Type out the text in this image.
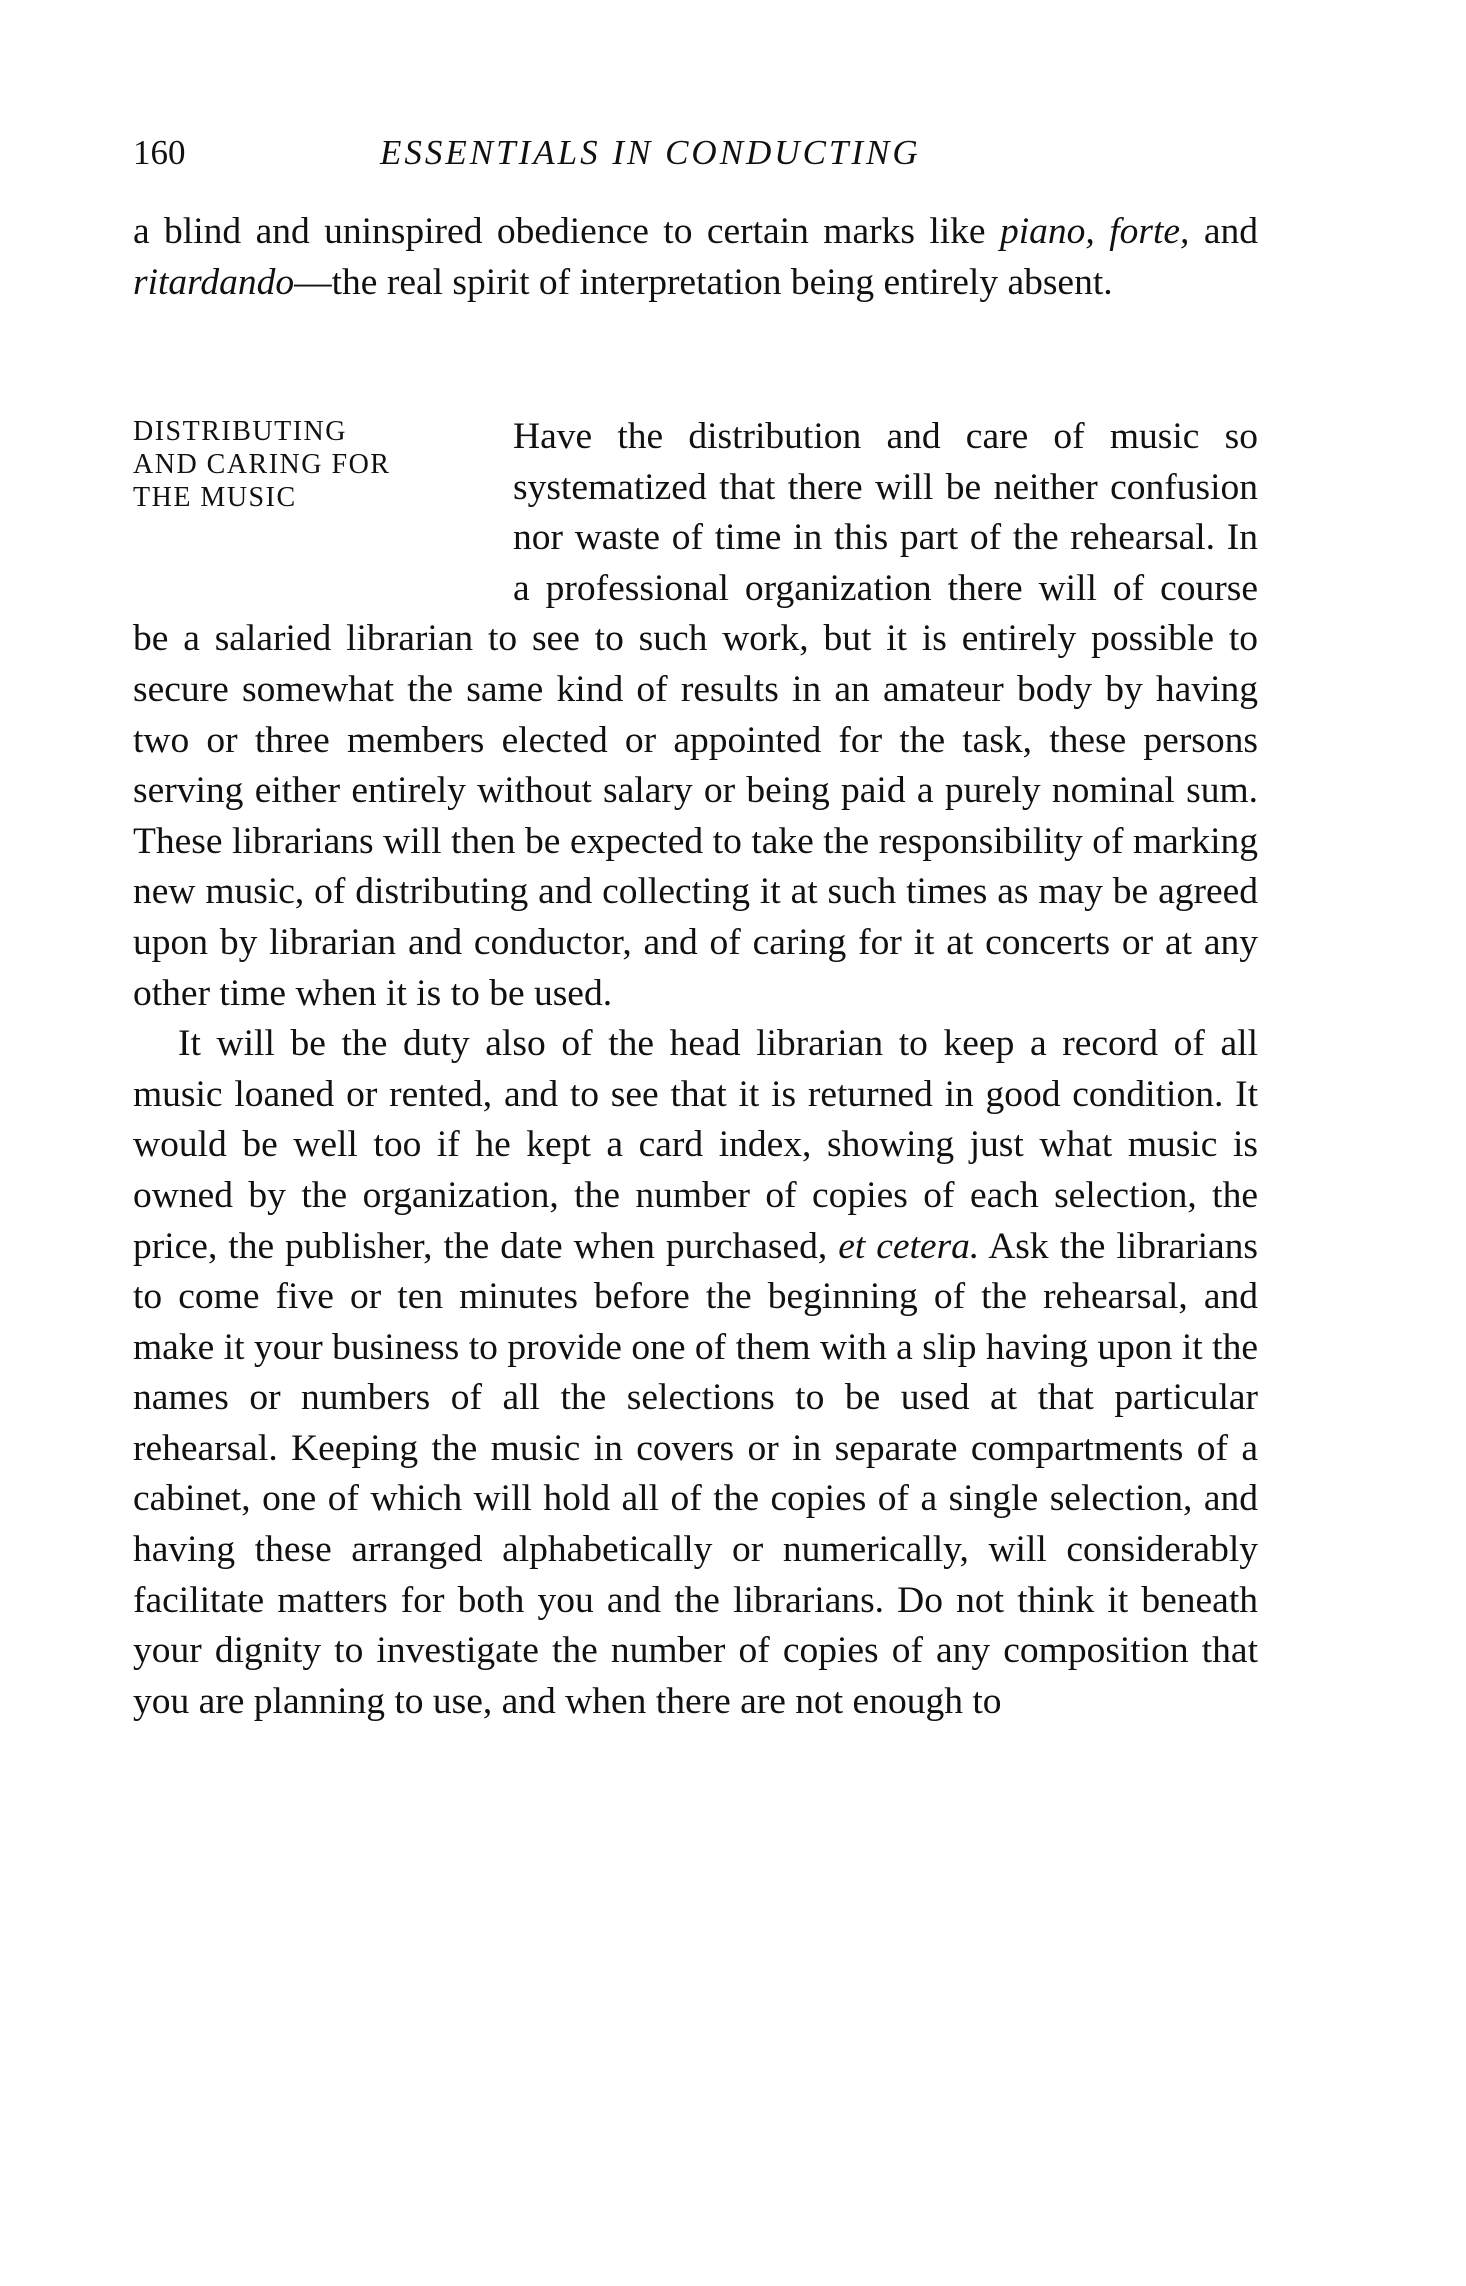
160	ESSENTIALS IN CONDUCTING

a blind and uninspired obedience to certain marks like piano, forte, and ritardando—the real spirit of interpretation being entirely absent.

DISTRIBUTING
AND CARING FOR
THE MUSIC

Have the distribution and care of music so systematized that there will be neither confusion nor waste of time in this part of the rehearsal. In a professional organization there will of course be a salaried librarian to see to such work, but it is entirely possible to secure somewhat the same kind of results in an amateur body by having two or three members elected or appointed for the task, these persons serving either entirely without salary or being paid a purely nominal sum. These librarians will then be expected to take the responsibility of marking new music, of distributing and collecting it at such times as may be agreed upon by librarian and conductor, and of caring for it at concerts or at any other time when it is to be used.

It will be the duty also of the head librarian to keep a record of all music loaned or rented, and to see that it is returned in good condition. It would be well too if he kept a card index, showing just what music is owned by the organization, the number of copies of each selection, the price, the publisher, the date when purchased, et cetera. Ask the librarians to come five or ten minutes before the beginning of the rehearsal, and make it your business to provide one of them with a slip having upon it the names or numbers of all the selections to be used at that particular rehearsal. Keeping the music in covers or in separate compartments of a cabinet, one of which will hold all of the copies of a single selection, and having these arranged alphabetically or numerically, will considerably facilitate matters for both you and the librarians. Do not think it beneath your dignity to investigate the number of copies of any composition that you are planning to use, and when there are not enough to
